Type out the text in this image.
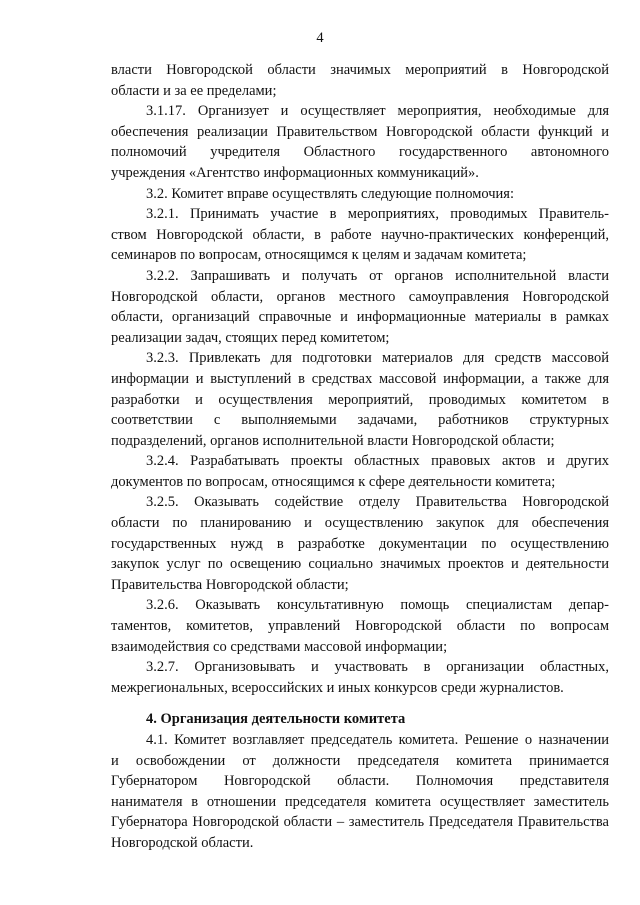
4
власти Новгородской области значимых мероприятий в Новгородской
области и за ее пределами;
3.1.17. Организует и осуществляет мероприятия, необходимые для
обеспечения реализации Правительством Новгородской области функций и
полномочий учредителя Областного государственного автономного
учреждения «Агентство информационных коммуникаций».
3.2. Комитет вправе осуществлять следующие полномочия:
3.2.1. Принимать участие в мероприятиях, проводимых Правитель-
ством Новгородской области, в работе научно-практических конференций,
семинаров по вопросам, относящимся к целям и задачам комитета;
3.2.2. Запрашивать и получать от органов исполнительной власти
Новгородской области, органов местного самоуправления Новгородской
области, организаций справочные и информационные материалы в рамках
реализации задач, стоящих перед комитетом;
3.2.3. Привлекать для подготовки материалов для средств массовой
информации и выступлений в средствах массовой информации, а также для
разработки и осуществления мероприятий, проводимых комитетом в
соответствии с выполняемыми задачами, работников структурных
подразделений, органов исполнительной власти Новгородской области;
3.2.4. Разрабатывать проекты областных правовых актов и других
документов по вопросам, относящимся к сфере деятельности комитета;
3.2.5. Оказывать содействие отделу Правительства Новгородской
области по планированию и осуществлению закупок для обеспечения
государственных нужд в разработке документации по осуществлению
закупок услуг по освещению социально значимых проектов и деятельности
Правительства Новгородской области;
3.2.6. Оказывать консультативную помощь специалистам депар-
таментов, комитетов, управлений Новгородской области по вопросам
взаимодействия со средствами массовой информации;
3.2.7. Организовывать и участвовать в организации областных,
межрегиональных, всероссийских и иных конкурсов среди журналистов.
4. Организация деятельности комитета
4.1. Комитет возглавляет председатель комитета. Решение о назначении
и освобождении от должности председателя комитета принимается
Губернатором Новгородской области. Полномочия представителя
нанимателя в отношении председателя комитета осуществляет заместитель
Губернатора Новгородской области – заместитель Председателя Правительства
Новгородской области.
